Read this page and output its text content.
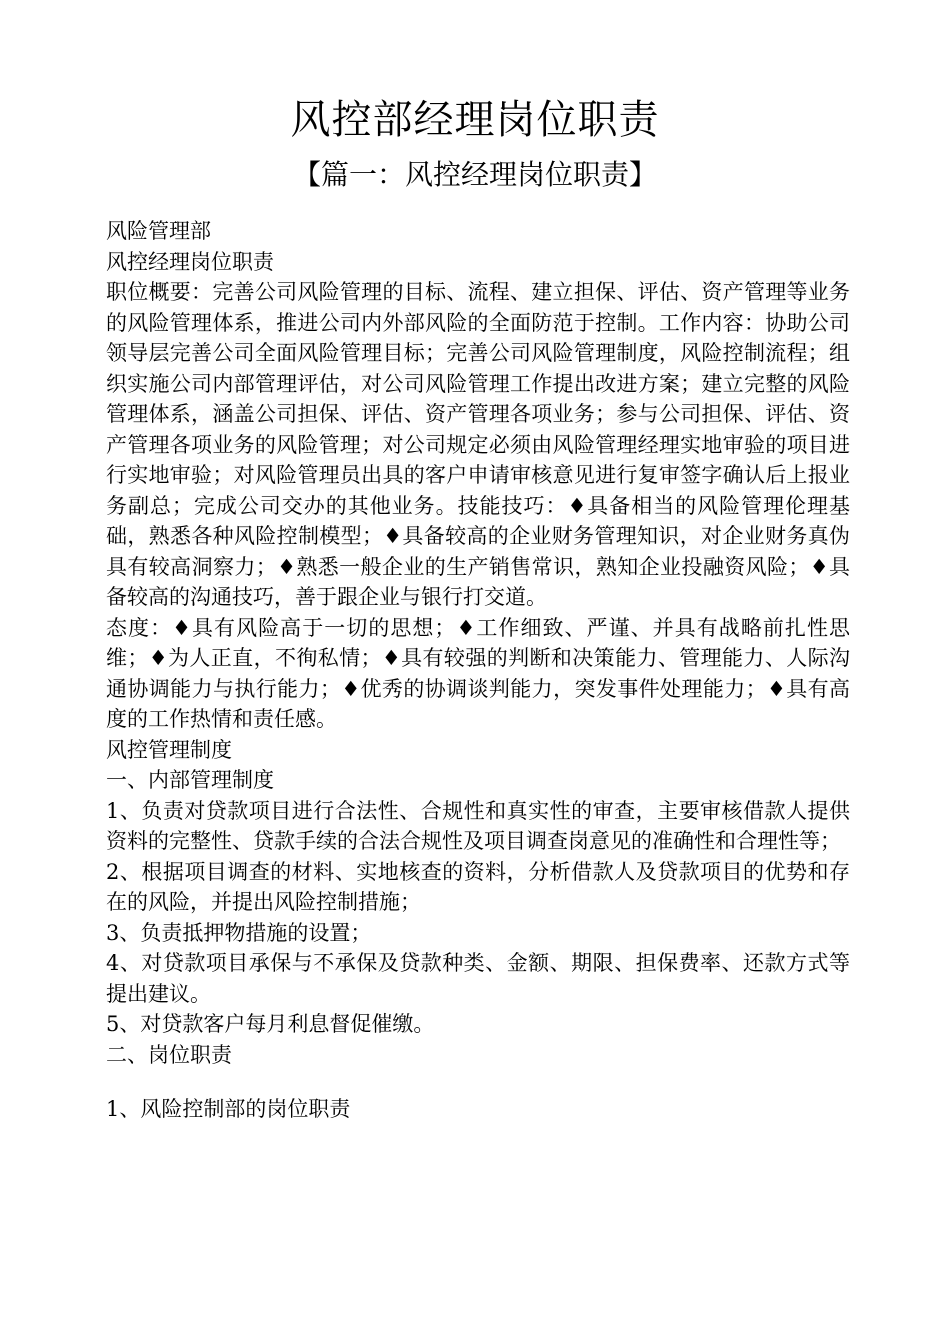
风控部经理岗位职责
【篇一：风控经理岗位职责】

风险管理部

风控经理岗位职责

职位概要：完善公司风险管理的目标、流程、建立担保、评估、资产管理等业务的风险管理体系，推进公司内外部风险的全面防范于控制。工作内容：协助公司领导层完善公司全面风险管理目标；完善公司风险管理制度，风险控制流程；组织实施公司内部管理评估，对公司风险管理工作提出改进方案；建立完整的风险管理体系，涵盖公司担保、评估、资产管理各项业务；参与公司担保、评估、资产管理各项业务的风险管理；对公司规定必须由风险管理经理实地审验的项目进行实地审验；对风险管理员出具的客户申请审核意见进行复审签字确认后上报业务副总；完成公司交办的其他业务。技能技巧：♦具备相当的风险管理伦理基础，熟悉各种风险控制模型；♦具备较高的企业财务管理知识，对企业财务真伪具有较高洞察力；♦熟悉一般企业的生产销售常识，熟知企业投融资风险；♦具备较高的沟通技巧，善于跟企业与银行打交道。

态度：♦具有风险高于一切的思想；♦工作细致、严谨、并具有战略前扎性思维；♦为人正直，不徇私情；♦具有较强的判断和决策能力、管理能力、人际沟通协调能力与执行能力；♦优秀的协调谈判能力，突发事件处理能力；♦具有高度的工作热情和责任感。

风控管理制度

一、内部管理制度

1、负责对贷款项目进行合法性、合规性和真实性的审查，主要审核借款人提供资料的完整性、贷款手续的合法合规性及项目调查岗意见的准确性和合理性等；

2、根据项目调查的材料、实地核查的资料，分析借款人及贷款项目的优势和存在的风险，并提出风险控制措施；

3、负责抵押物措施的设置；

4、对贷款项目承保与不承保及贷款种类、金额、期限、担保费率、还款方式等提出建议。

5、对贷款客户每月利息督促催缴。

二、岗位职责

1、风险控制部的岗位职责
